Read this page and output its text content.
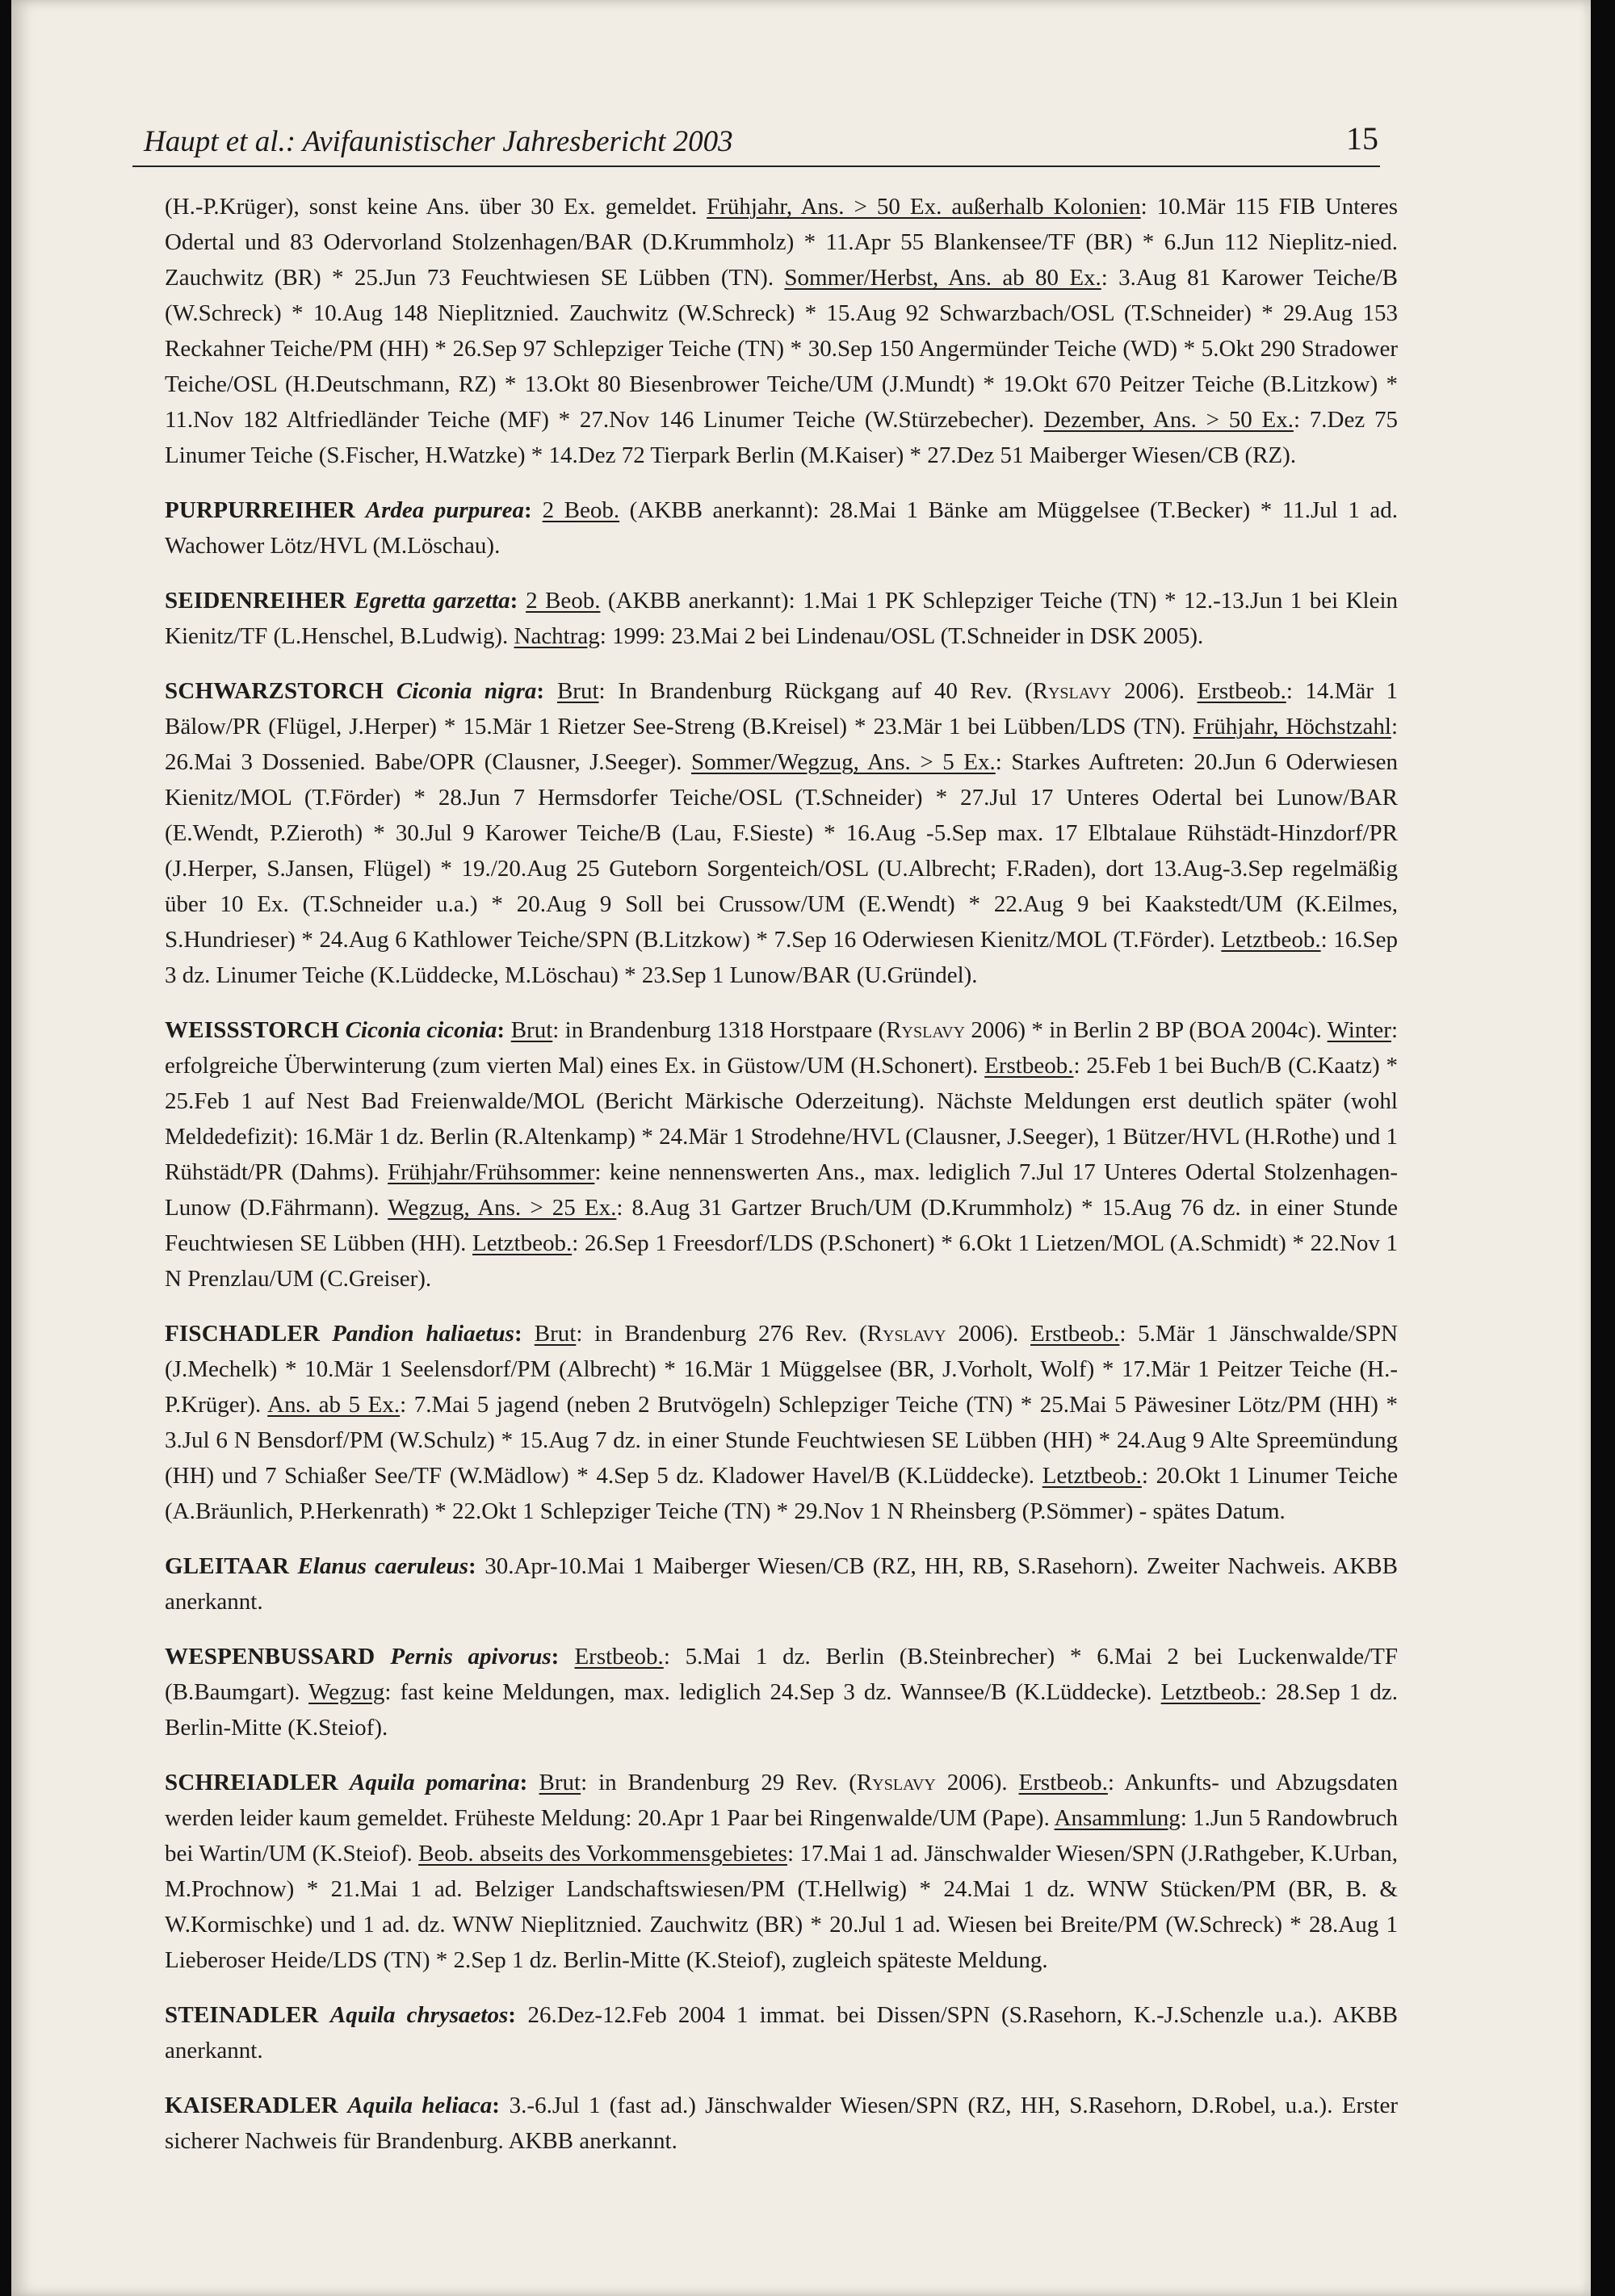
Haupt et al.: Avifaunistischer Jahresbericht 2003	15

(H.-P.Krüger), sonst keine Ans. über 30 Ex. gemeldet. Frühjahr, Ans. > 50 Ex. außerhalb Kolonien: 10.Mär 115 FIB Unteres Odertal und 83 Odervorland Stolzenhagen/BAR (D.Krummholz) * 11.Apr 55 Blankensee/TF (BR) * 6.Jun 112 Nieplitz-nied. Zauchwitz (BR) * 25.Jun 73 Feuchtwiesen SE Lübben (TN). Sommer/Herbst, Ans. ab 80 Ex.: 3.Aug 81 Karower Teiche/B (W.Schreck) * 10.Aug 148 Nieplitznied. Zauchwitz (W.Schreck) * 15.Aug 92 Schwarzbach/OSL (T.Schneider) * 29.Aug 153 Reckahner Teiche/PM (HH) * 26.Sep 97 Schlepziger Teiche (TN) * 30.Sep 150 Angermünder Teiche (WD) * 5.Okt 290 Stradower Teiche/OSL (H.Deutschmann, RZ) * 13.Okt 80 Biesenbrower Teiche/UM (J.Mundt) * 19.Okt 670 Peitzer Teiche (B.Litzkow) * 11.Nov 182 Altfriedländer Teiche (MF) * 27.Nov 146 Linumer Teiche (W.Stürzebecher). Dezember, Ans. > 50 Ex.: 7.Dez 75 Linumer Teiche (S.Fischer, H.Watzke) * 14.Dez 72 Tierpark Berlin (M.Kaiser) * 27.Dez 51 Maiberger Wiesen/CB (RZ).

PURPURREIHER Ardea purpurea: 2 Beob. (AKBB anerkannt): 28.Mai 1 Bänke am Müggelsee (T.Becker) * 11.Jul 1 ad. Wachower Lötz/HVL (M.Löschau).

SEIDENREIHER Egretta garzetta: 2 Beob. (AKBB anerkannt): 1.Mai 1 PK Schlepziger Teiche (TN) * 12.-13.Jun 1 bei Klein Kienitz/TF (L.Henschel, B.Ludwig). Nachtrag: 1999: 23.Mai 2 bei Lindenau/OSL (T.Schneider in DSK 2005).

SCHWARZSTORCH Ciconia nigra: Brut: In Brandenburg Rückgang auf 40 Rev. (Ryslavy 2006). Erstbeob.: 14.Mär 1 Bälow/PR (Flügel, J.Herper) * 15.Mär 1 Rietzer See-Streng (B.Kreisel) * 23.Mär 1 bei Lübben/LDS (TN). Frühjahr, Höchstzahl: 26.Mai 3 Dossenied. Babe/OPR (Clausner, J.Seeger). Sommer/Wegzug, Ans. > 5 Ex.: Starkes Auftreten: 20.Jun 6 Oderwiesen Kienitz/MOL (T.Förder) * 28.Jun 7 Hermsdorfer Teiche/OSL (T.Schneider) * 27.Jul 17 Unteres Odertal bei Lunow/BAR (E.Wendt, P.Zieroth) * 30.Jul 9 Karower Teiche/B (Lau, F.Sieste) * 16.Aug -5.Sep max. 17 Elbtalaue Rühstädt-Hinzdorf/PR (J.Herper, S.Jansen, Flügel) * 19./20.Aug 25 Guteborn Sorgenteich/OSL (U.Albrecht; F.Raden), dort 13.Aug-3.Sep regelmäßig über 10 Ex. (T.Schneider u.a.) * 20.Aug 9 Soll bei Crussow/UM (E.Wendt) * 22.Aug 9 bei Kaakstedt/UM (K.Eilmes, S.Hundrieser) * 24.Aug 6 Kathlower Teiche/SPN (B.Litzkow) * 7.Sep 16 Oderwiesen Kienitz/MOL (T.Förder). Letztbeob.: 16.Sep 3 dz. Linumer Teiche (K.Lüddecke, M.Löschau) * 23.Sep 1 Lunow/BAR (U.Gründel).

WEISSSTORCH Ciconia ciconia: Brut: in Brandenburg 1318 Horstpaare (Ryslavy 2006) * in Berlin 2 BP (BOA 2004c). Winter: erfolgreiche Überwinterung (zum vierten Mal) eines Ex. in Güstow/UM (H.Schonert). Erstbeob.: 25.Feb 1 bei Buch/B (C.Kaatz) * 25.Feb 1 auf Nest Bad Freienwalde/MOL (Bericht Märkische Oderzeitung). Nächste Meldungen erst deutlich später (wohl Meldedefizit): 16.Mär 1 dz. Berlin (R.Altenkamp) * 24.Mär 1 Strodehne/HVL (Clausner, J.Seeger), 1 Bützer/HVL (H.Rothe) und 1 Rühstädt/PR (Dahms). Frühjahr/Frühsommer: keine nennenswerten Ans., max. lediglich 7.Jul 17 Unteres Odertal Stolzenhagen-Lunow (D.Fährmann). Wegzug, Ans. > 25 Ex.: 8.Aug 31 Gartzer Bruch/UM (D.Krummholz) * 15.Aug 76 dz. in einer Stunde Feuchtwiesen SE Lübben (HH). Letztbeob.: 26.Sep 1 Freesdorf/LDS (P.Schonert) * 6.Okt 1 Lietzen/MOL (A.Schmidt) * 22.Nov 1 N Prenzlau/UM (C.Greiser).

FISCHADLER Pandion haliaetus: Brut: in Brandenburg 276 Rev. (Ryslavy 2006). Erstbeob.: 5.Mär 1 Jänschwalde/SPN (J.Mechelk) * 10.Mär 1 Seelensdorf/PM (Albrecht) * 16.Mär 1 Müggelsee (BR, J.Vorholt, Wolf) * 17.Mär 1 Peitzer Teiche (H.-P.Krüger). Ans. ab 5 Ex.: 7.Mai 5 jagend (neben 2 Brutvögeln) Schlepziger Teiche (TN) * 25.Mai 5 Päwesiner Lötz/PM (HH) * 3.Jul 6 N Bensdorf/PM (W.Schulz) * 15.Aug 7 dz. in einer Stunde Feuchtwiesen SE Lübben (HH) * 24.Aug 9 Alte Spreemündung (HH) und 7 Schiaßer See/TF (W.Mädlow) * 4.Sep 5 dz. Kladower Havel/B (K.Lüddecke). Letztbeob.: 20.Okt 1 Linumer Teiche (A.Bräunlich, P.Herkenrath) * 22.Okt 1 Schlepziger Teiche (TN) * 29.Nov 1 N Rheinsberg (P.Sömmer) - spätes Datum.

GLEITAAR Elanus caeruleus: 30.Apr-10.Mai 1 Maiberger Wiesen/CB (RZ, HH, RB, S.Rasehorn). Zweiter Nachweis. AKBB anerkannt.

WESPENBUSSARD Pernis apivorus: Erstbeob.: 5.Mai 1 dz. Berlin (B.Steinbrecher) * 6.Mai 2 bei Luckenwalde/TF (B.Baumgart). Wegzug: fast keine Meldungen, max. lediglich 24.Sep 3 dz. Wannsee/B (K.Lüddecke). Letztbeob.: 28.Sep 1 dz. Berlin-Mitte (K.Steiof).

SCHREIADLER Aquila pomarina: Brut: in Brandenburg 29 Rev. (Ryslavy 2006). Erstbeob.: Ankunfts- und Abzugsdaten werden leider kaum gemeldet. Früheste Meldung: 20.Apr 1 Paar bei Ringenwalde/UM (Pape). Ansammlung: 1.Jun 5 Randowbruch bei Wartin/UM (K.Steiof). Beob. abseits des Vorkommensgebietes: 17.Mai 1 ad. Jänschwalder Wiesen/SPN (J.Rathgeber, K.Urban, M.Prochnow) * 21.Mai 1 ad. Belziger Landschaftswiesen/PM (T.Hellwig) * 24.Mai 1 dz. WNW Stücken/PM (BR, B. & W.Kormischke) und 1 ad. dz. WNW Nieplitznied. Zauchwitz (BR) * 20.Jul 1 ad. Wiesen bei Breite/PM (W.Schreck) * 28.Aug 1 Lieberoser Heide/LDS (TN) * 2.Sep 1 dz. Berlin-Mitte (K.Steiof), zugleich späteste Meldung.

STEINADLER Aquila chrysaetos: 26.Dez-12.Feb 2004 1 immat. bei Dissen/SPN (S.Rasehorn, K.-J.Schenzle u.a.). AKBB anerkannt.

KAISERADLER Aquila heliaca: 3.-6.Jul 1 (fast ad.) Jänschwalder Wiesen/SPN (RZ, HH, S.Rasehorn, D.Robel, u.a.). Erster sicherer Nachweis für Brandenburg. AKBB anerkannt.
